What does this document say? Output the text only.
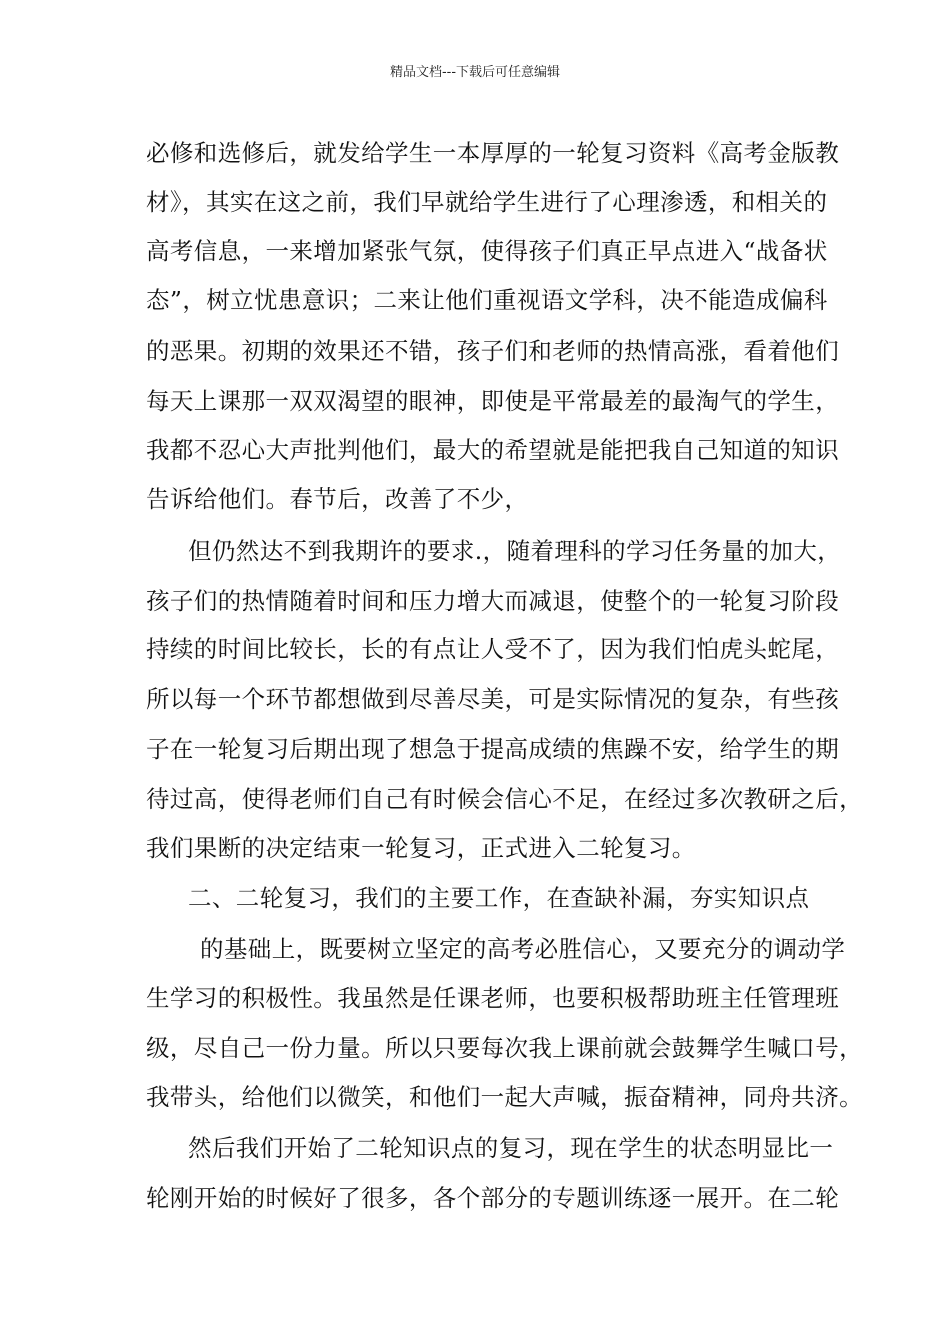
精品文档---下载后可任意编辑
必修和选修后，就发给学生一本厚厚的一轮复习资料《高考金版教
材》，其实在这之前，我们早就给学生进行了心理渗透，和相关的
高考信息，一来增加紧张气氛，使得孩子们真正早点进入“战备状
态”，树立忧患意识；二来让他们重视语文学科，决不能造成偏科
的恶果。初期的效果还不错，孩子们和老师的热情高涨，看着他们
每天上课那一双双渴望的眼神，即使是平常最差的最淘气的学生，
我都不忍心大声批判他们，最大的希望就是能把我自己知道的知识
告诉给他们。春节后，改善了不少，
但仍然达不到我期许的要求.，随着理科的学习任务量的加大，
孩子们的热情随着时间和压力增大而减退，使整个的一轮复习阶段
持续的时间比较长，长的有点让人受不了，因为我们怕虎头蛇尾，
所以每一个环节都想做到尽善尽美，可是实际情况的复杂，有些孩
子在一轮复习后期出现了想急于提高成绩的焦躁不安，给学生的期
待过高，使得老师们自己有时候会信心不足，在经过多次教研之后，
我们果断的决定结束一轮复习，正式进入二轮复习。
二、二轮复习，我们的主要工作，在查缺补漏，夯实知识点
的基础上，既要树立坚定的高考必胜信心，又要充分的调动学
生学习的积极性。我虽然是任课老师，也要积极帮助班主任管理班
级，尽自己一份力量。所以只要每次我上课前就会鼓舞学生喊口号，
我带头，给他们以微笑，和他们一起大声喊，振奋精神，同舟共济。
然后我们开始了二轮知识点的复习，现在学生的状态明显比一
轮刚开始的时候好了很多，各个部分的专题训练逐一展开。在二轮
